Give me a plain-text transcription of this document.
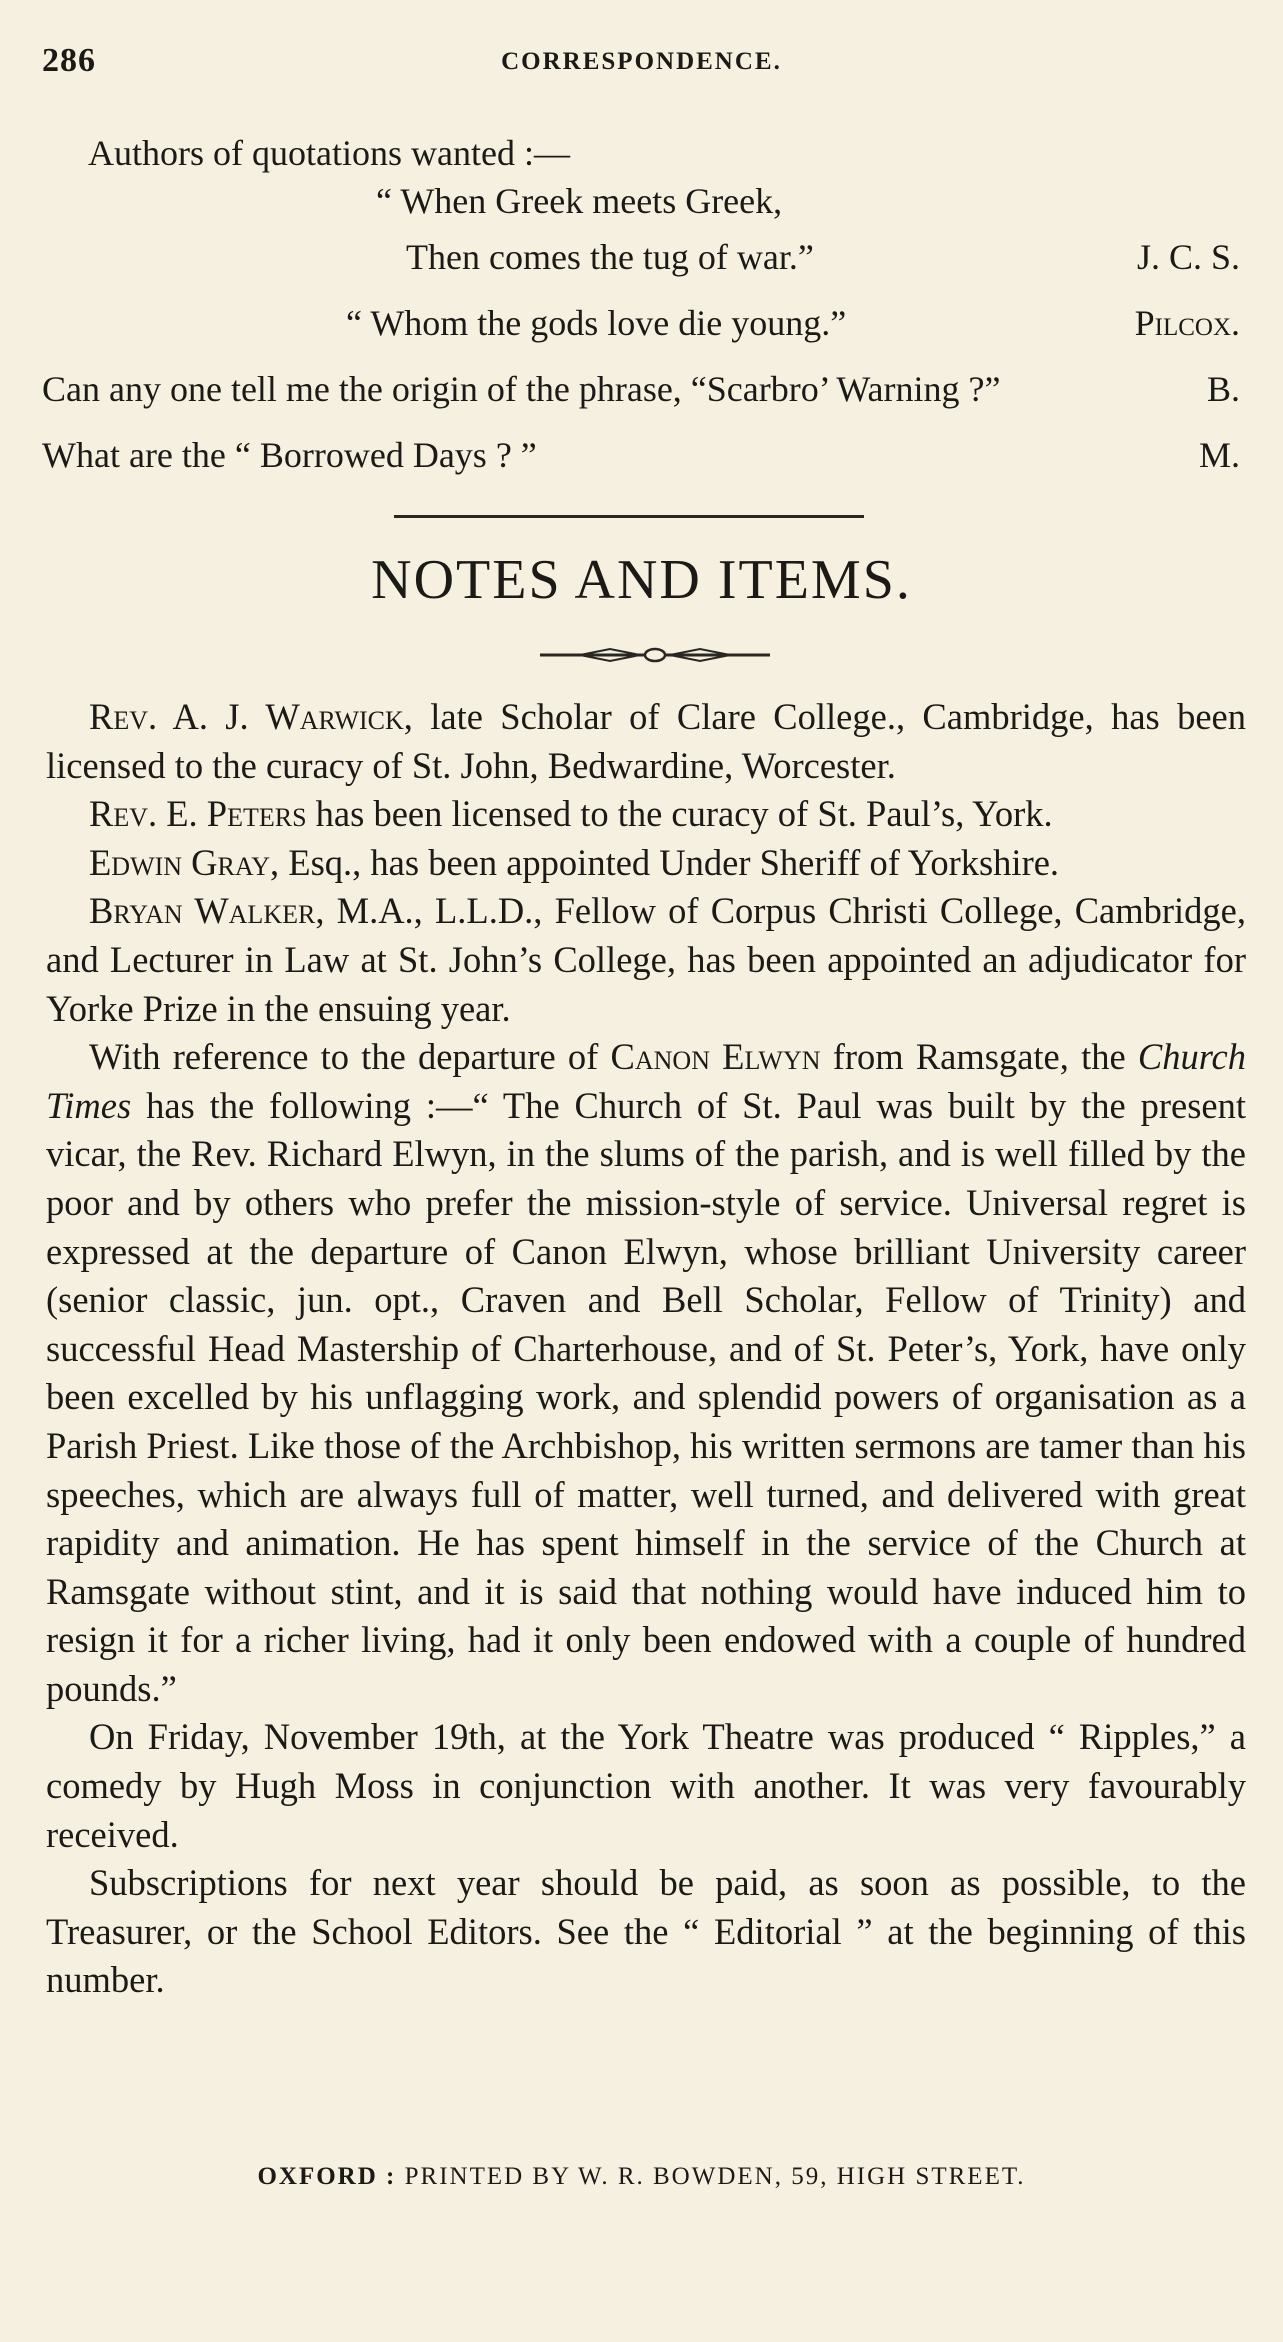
286	CORRESPONDENCE.
Authors of quotations wanted :—
“ When Greek meets Greek,
Then comes the tug of war.”	J. C. S.
“ Whom the gods love die young.”	Pilcox.
Can any one tell me the origin of the phrase, “Scarbro’ Warning ?”	B.
What are the “ Borrowed Days ? ”	M.
NOTES AND ITEMS.

Rev. A. J. Warwick, late Scholar of Clare College., Cambridge, has been licensed to the curacy of St. John, Bedwardine, Worcester.

Rev. E. Peters has been licensed to the curacy of St. Paul’s, York.

Edwin Gray, Esq., has been appointed Under Sheriff of Yorkshire.

Bryan Walker, M.A., L.L.D., Fellow of Corpus Christi College, Cambridge, and Lecturer in Law at St. John’s College, has been appointed an adjudicator for Yorke Prize in the ensuing year.

With reference to the departure of Canon Elwyn from Ramsgate, the Church Times has the following :—“ The Church of St. Paul was built by the present vicar, the Rev. Richard Elwyn, in the slums of the parish, and is well filled by the poor and by others who prefer the mission-style of service. Universal regret is expressed at the departure of Canon Elwyn, whose brilliant University career (senior classic, jun. opt., Craven and Bell Scholar, Fellow of Trinity) and successful Head Mastership of Charterhouse, and of St. Peter’s, York, have only been excelled by his unflagging work, and splendid powers of organisation as a Parish Priest. Like those of the Archbishop, his written sermons are tamer than his speeches, which are always full of matter, well turned, and delivered with great rapidity and animation. He has spent himself in the service of the Church at Ramsgate without stint, and it is said that nothing would have induced him to resign it for a richer living, had it only been endowed with a couple of hundred pounds.”

On Friday, November 19th, at the York Theatre was produced “ Ripples,” a comedy by Hugh Moss in conjunction with another. It was very favourably received.

Subscriptions for next year should be paid, as soon as possible, to the Treasurer, or the School Editors. See the “ Editorial ” at the beginning of this number.

OXFORD : PRINTED BY W. R. BOWDEN, 59, HIGH STREET.
